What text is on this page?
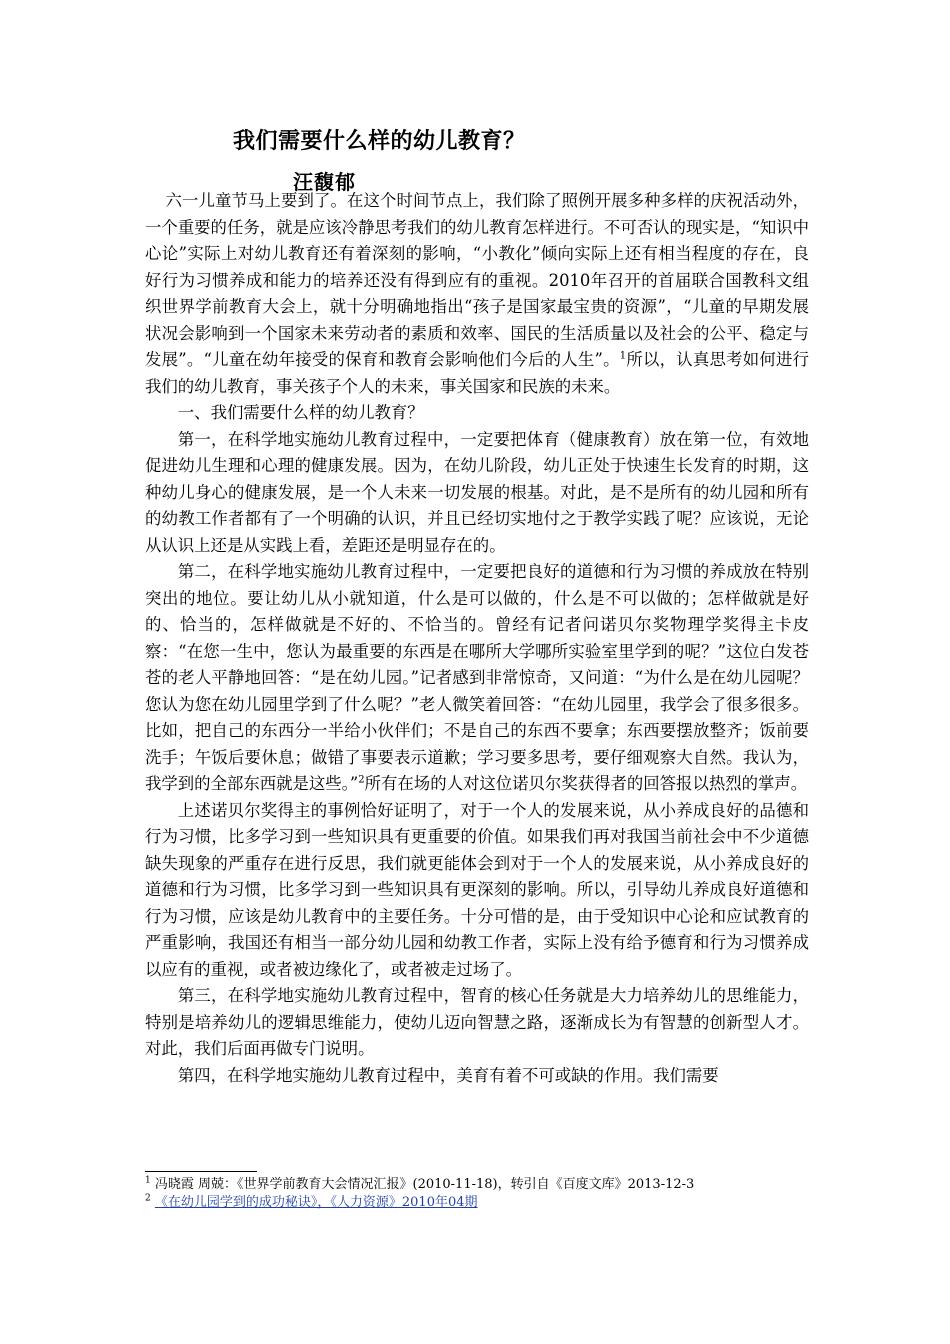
我们需要什么样的幼儿教育？
汪馥郁

六一儿童节马上要到了。在这个时间节点上，我们除了照例开展多种多样的庆祝活动外，一个重要的任务，就是应该冷静思考我们的幼儿教育怎样进行。不可否认的现实是，“知识中心论”实际上对幼儿教育还有着深刻的影响，“小教化”倾向实际上还有相当程度的存在，良好行为习惯养成和能力的培养还没有得到应有的重视。2010年召开的首届联合国教科文组织世界学前教育大会上，就十分明确地指出“孩子是国家最宝贵的资源”，“儿童的早期发展状况会影响到一个国家未来劳动者的素质和效率、国民的生活质量以及社会的公平、稳定与发展”。“儿童在幼年接受的保育和教育会影响他们今后的人生”。$^1$所以，认真思考如何进行我们的幼儿教育，事关孩子个人的未来，事关国家和民族的未来。

一、我们需要什么样的幼儿教育？

第一，在科学地实施幼儿教育过程中，一定要把体育（健康教育）放在第一位，有效地促进幼儿生理和心理的健康发展。因为，在幼儿阶段，幼儿正处于快速生长发育的时期，这种幼儿身心的健康发展，是一个人未来一切发展的根基。对此，是不是所有的幼儿园和所有的幼教工作者都有了一个明确的认识，并且已经切实地付之于教学实践了呢？应该说，无论从认识上还是从实践上看，差距还是明显存在的。

第二，在科学地实施幼儿教育过程中，一定要把良好的道德和行为习惯的养成放在特别突出的地位。要让幼儿从小就知道，什么是可以做的，什么是不可以做的；怎样做就是好的、恰当的，怎样做就是不好的、不恰当的。曾经有记者问诺贝尔奖物理学奖得主卡皮察：“在您一生中，您认为最重要的东西是在哪所大学哪所实验室里学到的呢？”这位白发苍苍的老人平静地回答：“是在幼儿园。”记者感到非常惊奇，又问道：“为什么是在幼儿园呢？您认为您在幼儿园里学到了什么呢？”老人微笑着回答：“在幼儿园里，我学会了很多很多。比如，把自己的东西分一半给小伙伴们；不是自己的东西不要拿；东西要摆放整齐；饭前要洗手；午饭后要休息；做错了事要表示道歉；学习要多思考，要仔细观察大自然。我认为，我学到的全部东西就是这些。”$^2$所有在场的人对这位诺贝尔奖获得者的回答报以热烈的掌声。

上述诺贝尔奖得主的事例恰好证明了，对于一个人的发展来说，从小养成良好的品德和行为习惯，比多学习到一些知识具有更重要的价值。如果我们再对我国当前社会中不少道德缺失现象的严重存在进行反思，我们就更能体会到对于一个人的发展来说，从小养成良好的道德和行为习惯，比多学习到一些知识具有更深刻的影响。所以，引导幼儿养成良好道德和行为习惯，应该是幼儿教育中的主要任务。十分可惜的是，由于受知识中心论和应试教育的严重影响，我国还有相当一部分幼儿园和幼教工作者，实际上没有给予德育和行为习惯养成以应有的重视，或者被边缘化了，或者被走过场了。

第三，在科学地实施幼儿教育过程中，智育的核心任务就是大力培养幼儿的思维能力，特别是培养幼儿的逻辑思维能力，使幼儿迈向智慧之路，逐渐成长为有智慧的创新型人才。对此，我们后面再做专门说明。

第四，在科学地实施幼儿教育过程中，美育有着不可或缺的作用。我们需要

$^1$ 冯晓霞 周兢：《世界学前教育大会情况汇报》(2010-11-18)，转引自《百度文库》2013-12-3
$^2$ 《在幼儿园学到的成功秘诀》，《人力资源》2010年04期
